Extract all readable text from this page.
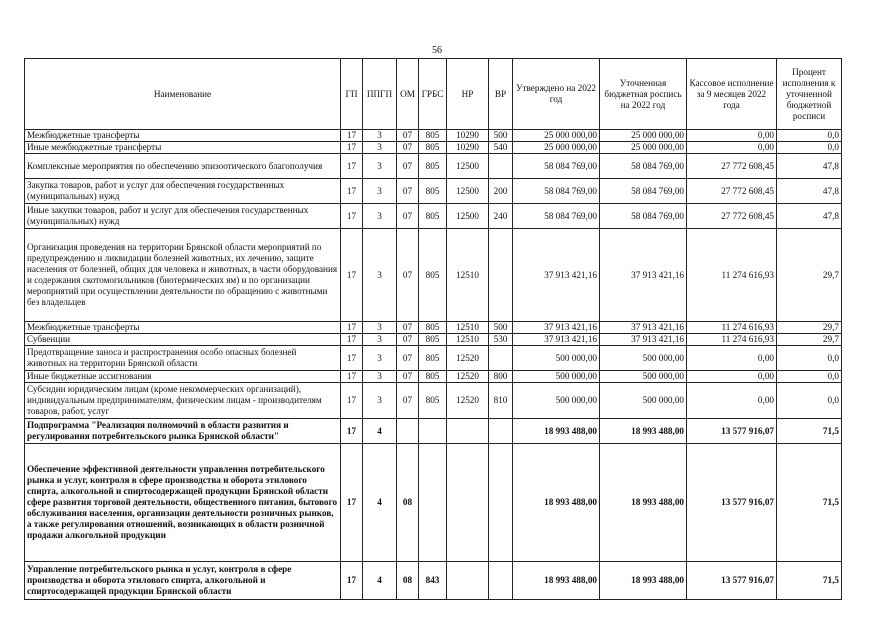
56
Наименование	ГП	ППГП	ОМ	ГРБС	НР	ВР	Утверждено на 2022 год	Уточненная бюджетная роспись на 2022 год	Кассовое исполнение за 9 месяцев 2022 года	Процент исполнения к уточненной бюджетной росписи
Межбюджетные трансферты	17	3	07	805	10290	500	25 000 000,00	25 000 000,00	0,00	0,0
Иные межбюджетные трансферты	17	3	07	805	10290	540	25 000 000,00	25 000 000,00	0,00	0,0
Комплексные мероприятия по обеспечению эпизоотического благополучия	17	3	07	805	12500		58 084 769,00	58 084 769,00	27 772 608,45	47,8
Закупка товаров, работ и услуг для обеспечения государственных (муниципальных) нужд	17	3	07	805	12500	200	58 084 769,00	58 084 769,00	27 772 608,45	47,8
Иные закупки товаров, работ и услуг для обеспечения государственных (муниципальных) нужд	17	3	07	805	12500	240	58 084 769,00	58 084 769,00	27 772 608,45	47,8
Организация проведения на территории Брянской области мероприятий по предупреждению и ликвидации болезней животных, их лечению, защите населения от болезней, общих для человека и животных, в части оборудования и содержания скотомогильников (биотермических ям) и по организации мероприятий при осуществлении деятельности по обращению с животными без владельцев	17	3	07	805	12510		37 913 421,16	37 913 421,16	11 274 616,93	29,7
Межбюджетные трансферты	17	3	07	805	12510	500	37 913 421,16	37 913 421,16	11 274 616,93	29,7
Субвенции	17	3	07	805	12510	530	37 913 421,16	37 913 421,16	11 274 616,93	29,7
Предотвращение заноса и распространения особо опасных болезней животных на территории Брянской области	17	3	07	805	12520		500 000,00	500 000,00	0,00	0,0
Иные бюджетные ассигнования	17	3	07	805	12520	800	500 000,00	500 000,00	0,00	0,0
Субсидии юридическим лицам (кроме некоммерческих организаций), индивидуальным предпринимателям, физическим лицам - производителям товаров, работ, услуг	17	3	07	805	12520	810	500 000,00	500 000,00	0,00	0,0
Подпрограмма "Реализация полномочий в области развития и регулирования потребительского рынка Брянской области"	17	4					18 993 488,00	18 993 488,00	13 577 916,07	71,5
Обеспечение эффективной деятельности управления потребительского рынка и услуг, контроля в сфере производства и оборота этилового спирта, алкогольной и спиртосодержащей продукции Брянской области сфере развития торговой деятельности, общественного питания, бытового обслуживания населения, организации деятельности розничных рынков, а также регулирования отношений, возникающих в области розничной продажи алкогольной продукции	17	4	08				18 993 488,00	18 993 488,00	13 577 916,07	71,5
Управление потребительского рынка и услуг, контроля в сфере производства и оборота этилового спирта, алкогольной и спиртосодержащей продукции Брянской области	17	4	08	843			18 993 488,00	18 993 488,00	13 577 916,07	71,5
